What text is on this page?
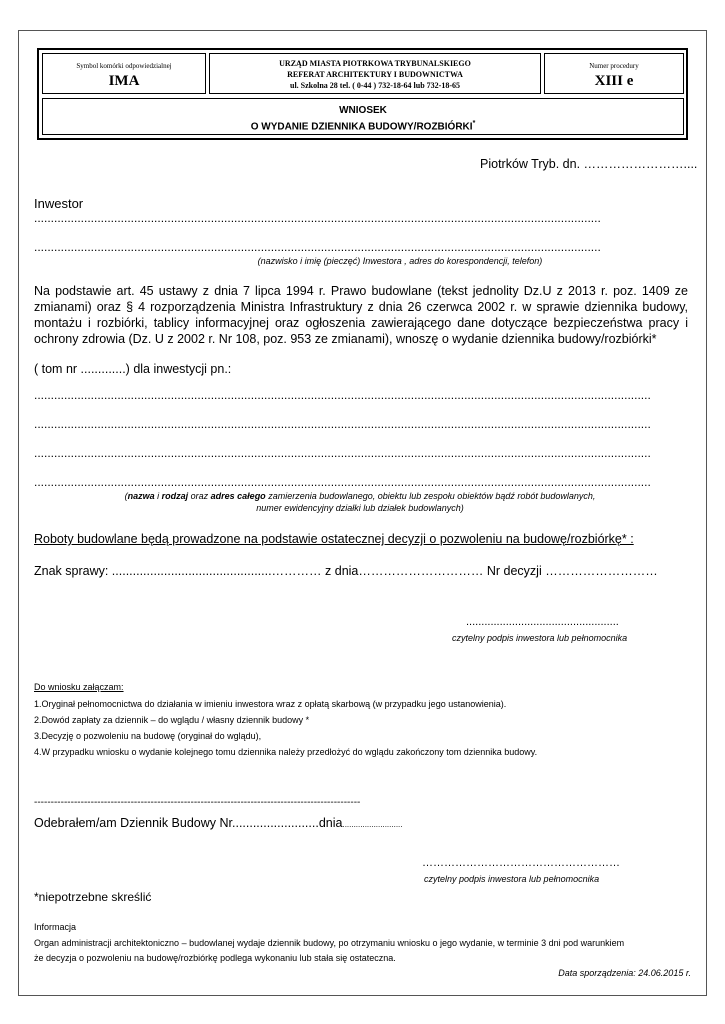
Symbol komórki odpowiedzialnej
IMA
URZĄD MIASTA PIOTRKOWA TRYBUNALSKIEGO
REFERAT ARCHITEKTURY I BUDOWNICTWA
ul. Szkolna 28 tel. ( 0-44 ) 732-18-64 lub 732-18-65
Numer procedury
XIII e
WNIOSEK
O WYDANIE DZIENNIKA BUDOWY/ROZBIÓRKI*
Piotrków Tryb. dn. ……………………....
Inwestor
..........................................................................................................................................................................
..........................................................................................................................................................................
(nazwisko i imię (pieczęć) Inwestora , adres do korespondencji, telefon)
Na podstawie art. 45 ustawy z dnia 7 lipca 1994 r. Prawo budowlane (tekst jednolity Dz.U z 2013 r. poz. 1409 ze zmianami) oraz § 4 rozporządzenia Ministra Infrastruktury z dnia 26 czerwca 2002 r. w sprawie dziennika budowy, montażu i rozbiórki, tablicy informacyjnej oraz ogłoszenia zawierającego dane dotyczące bezpieczeństwa pracy i ochrony zdrowia (Dz. U z 2002 r. Nr 108, poz. 953 ze zmianami), wnoszę o wydanie dziennika budowy/rozbiórki*
( tom nr .............) dla inwestycji pn.:
.........................................................................................................................................................................................
.........................................................................................................................................................................................
.........................................................................................................................................................................................
.........................................................................................................................................................................................
(nazwa i rodzaj oraz adres całego zamierzenia budowlanego, obiektu lub zespołu obiektów bądź robót budowlanych,
numer ewidencyjny działki lub działek budowlanych)
Roboty budowlane będą prowadzone na podstawie ostatecznej decyzji o pozwoleniu na budowę/rozbiórkę* :
Znak sprawy: ..............................................………… z dnia………………………… Nr decyzji ………………………
..................................................
czytelny podpis inwestora lub pełnomocnika
Do wniosku załączam:
1.Oryginał pełnomocnictwa do działania w imieniu inwestora wraz z opłatą skarbową (w przypadku jego ustanowienia).
2.Dowód zapłaty za dziennik – do wglądu / własny dziennik budowy *
3.Decyzję o pozwoleniu na budowę (oryginał do wglądu),
4.W przypadku wniosku o wydanie kolejnego tomu dziennika należy przedłożyć do wglądu zakończony tom dziennika budowy.
--------------------------------------------------------------------------------------------------
Odebrałem/am Dziennik Budowy Nr.........................dnia...........................
………………………………………………
czytelny podpis inwestora lub pełnomocnika
*niepotrzebne skreślić
Informacja
Organ administracji architektoniczno – budowlanej wydaje dziennik budowy, po otrzymaniu wniosku o jego wydanie, w terminie 3 dni pod warunkiem
że decyzja o pozwoleniu na budowę/rozbiórkę podlega wykonaniu lub stała się ostateczna.
Data sporządzenia: 24.06.2015 r.
